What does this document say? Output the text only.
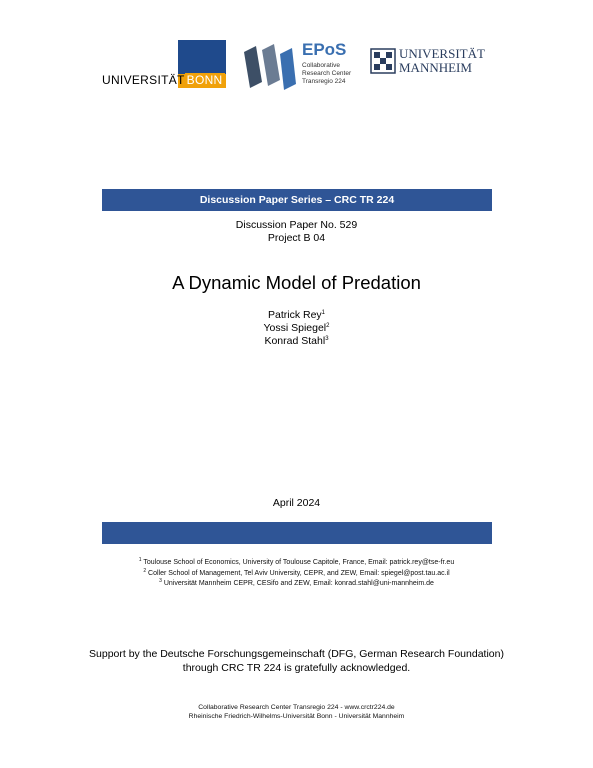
UNIVERSITÄT BONN
EPoS
Collaborative
Research Center
Transregio 224
UNIVERSITÄT
MANNHEIM
Discussion Paper Series – CRC TR 224
Discussion Paper No. 529
Project B 04
A Dynamic Model of Predation
Patrick Rey$^1$
Yossi Spiegel$^2$
Konrad Stahl$^3$
April 2024
$^1$ Toulouse School of Economics, University of Toulouse Capitole, France, Email: patrick.rey@tse-fr.eu
$^2$ Coller School of Management, Tel Aviv University, CEPR, and ZEW, Email: spiegel@post.tau.ac.il
$^3$ Universität Mannheim CEPR, CESifo and ZEW, Email: konrad.stahl@uni-mannheim.de
Support by the Deutsche Forschungsgemeinschaft (DFG, German Research Foundation)
through CRC TR 224 is gratefully acknowledged.
Collaborative Research Center Transregio 224 - www.crctr224.de
Rheinische Friedrich-Wilhelms-Universität Bonn - Universität Mannheim
